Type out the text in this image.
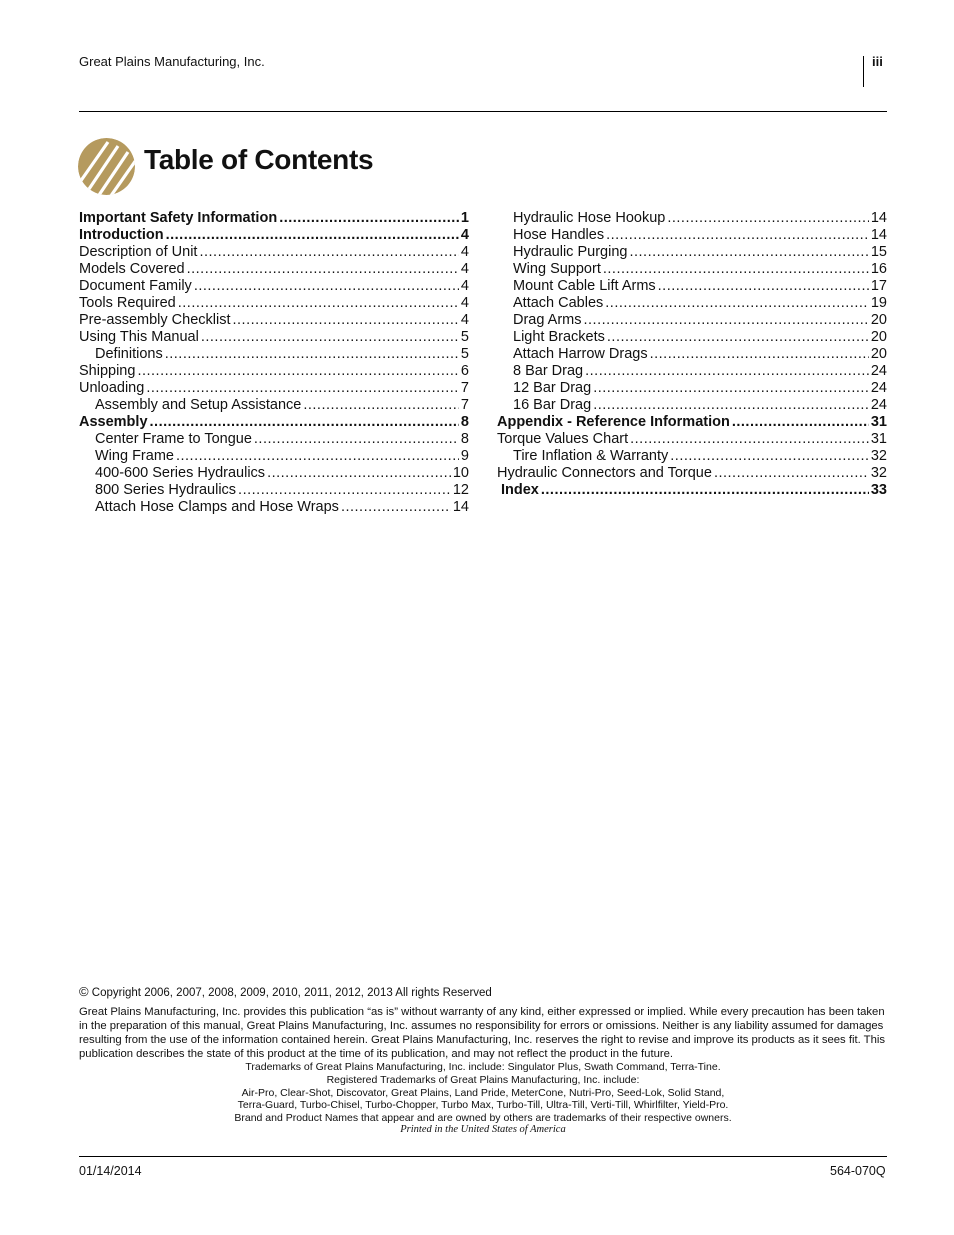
Great Plains Manufacturing, Inc.	iii
Table of Contents
Important Safety Information .....	1
Introduction .....	4
Description of Unit .....	4
Models Covered .....	4
Document Family .....	4
Tools Required .....	4
Pre-assembly Checklist .....	4
Using This Manual .....	5
Definitions .....	5
Shipping .....	6
Unloading .....	7
Assembly and Setup Assistance .....	7
Assembly .....	8
Center Frame to Tongue .....	8
Wing Frame .....	9
400-600 Series Hydraulics .....	10
800 Series Hydraulics .....	12
Attach Hose Clamps and Hose Wraps .....	14
Hydraulic Hose Hookup .....	14
Hose Handles .....	14
Hydraulic Purging .....	15
Wing Support .....	16
Mount Cable Lift Arms .....	17
Attach Cables .....	19
Drag Arms .....	20
Light Brackets .....	20
Attach Harrow Drags .....	20
8 Bar Drag .....	24
12 Bar Drag .....	24
16 Bar Drag .....	24
Appendix - Reference Information .....	31
Torque Values Chart .....	31
Tire Inflation & Warranty .....	32
Hydraulic Connectors and Torque .....	32
Index .....	33
© Copyright 2006, 2007, 2008, 2009, 2010, 2011, 2012, 2013 All rights Reserved
Great Plains Manufacturing, Inc. provides this publication “as is” without warranty of any kind, either expressed or implied. While every precaution has been taken in the preparation of this manual, Great Plains Manufacturing, Inc. assumes no responsibility for errors or omissions. Neither is any liability assumed for damages resulting from the use of the information contained herein. Great Plains Manufacturing, Inc. reserves the right to revise and improve its products as it sees fit. This publication describes the state of this product at the time of its publication, and may not reflect the product in the future.
Trademarks of Great Plains Manufacturing, Inc. include: Singulator Plus, Swath Command, Terra-Tine.
Registered Trademarks of Great Plains Manufacturing, Inc. include:
Air-Pro, Clear-Shot, Discovator, Great Plains, Land Pride, MeterCone, Nutri-Pro, Seed-Lok, Solid Stand,
Terra-Guard, Turbo-Chisel, Turbo-Chopper, Turbo Max, Turbo-Till, Ultra-Till, Verti-Till, Whirlfilter, Yield-Pro.
Brand and Product Names that appear and are owned by others are trademarks of their respective owners.
Printed in the United States of America
01/14/2014	564-070Q
